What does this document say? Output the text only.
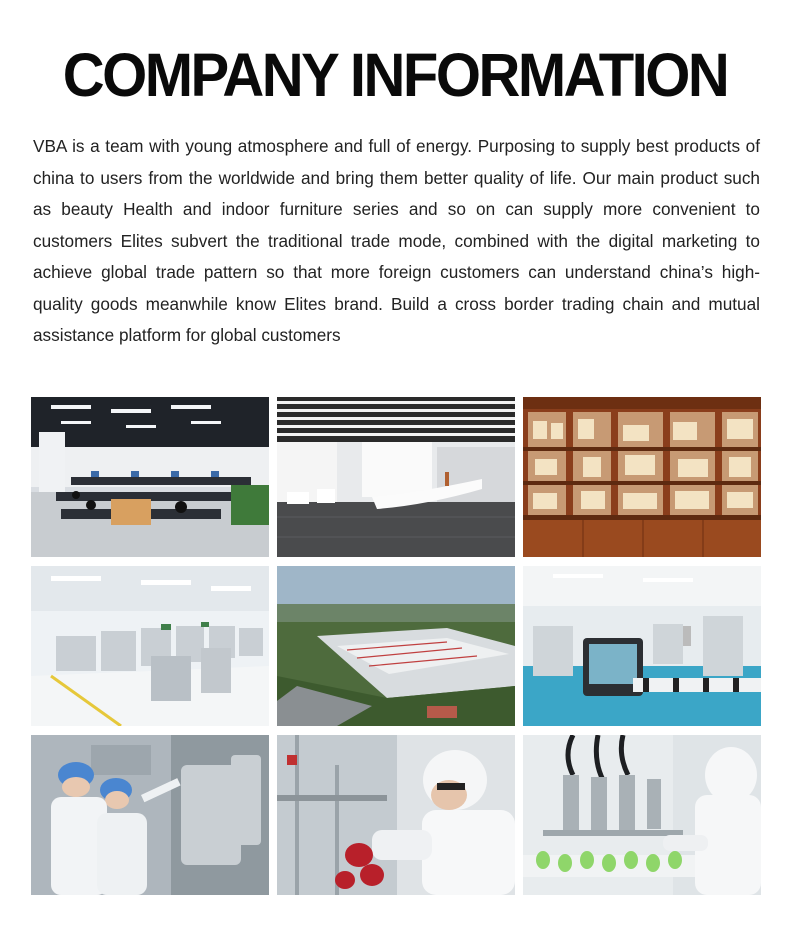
COMPANY INFORMATION

VBA is a team with young atmosphere and full of energy. Purposing to supply best products of china to users from the worldwide and bring them better quality of life. Our main product such as beauty Health and indoor furniture series and so on can supply more convenient to customers Elites subvert the traditional trade mode, combined with the digital marketing to achieve global trade pattern so that more foreign customers can understand china’s high-quality goods meanwhile know Elites brand. Build a cross border trading chain and mutual assistance platform for global customers
